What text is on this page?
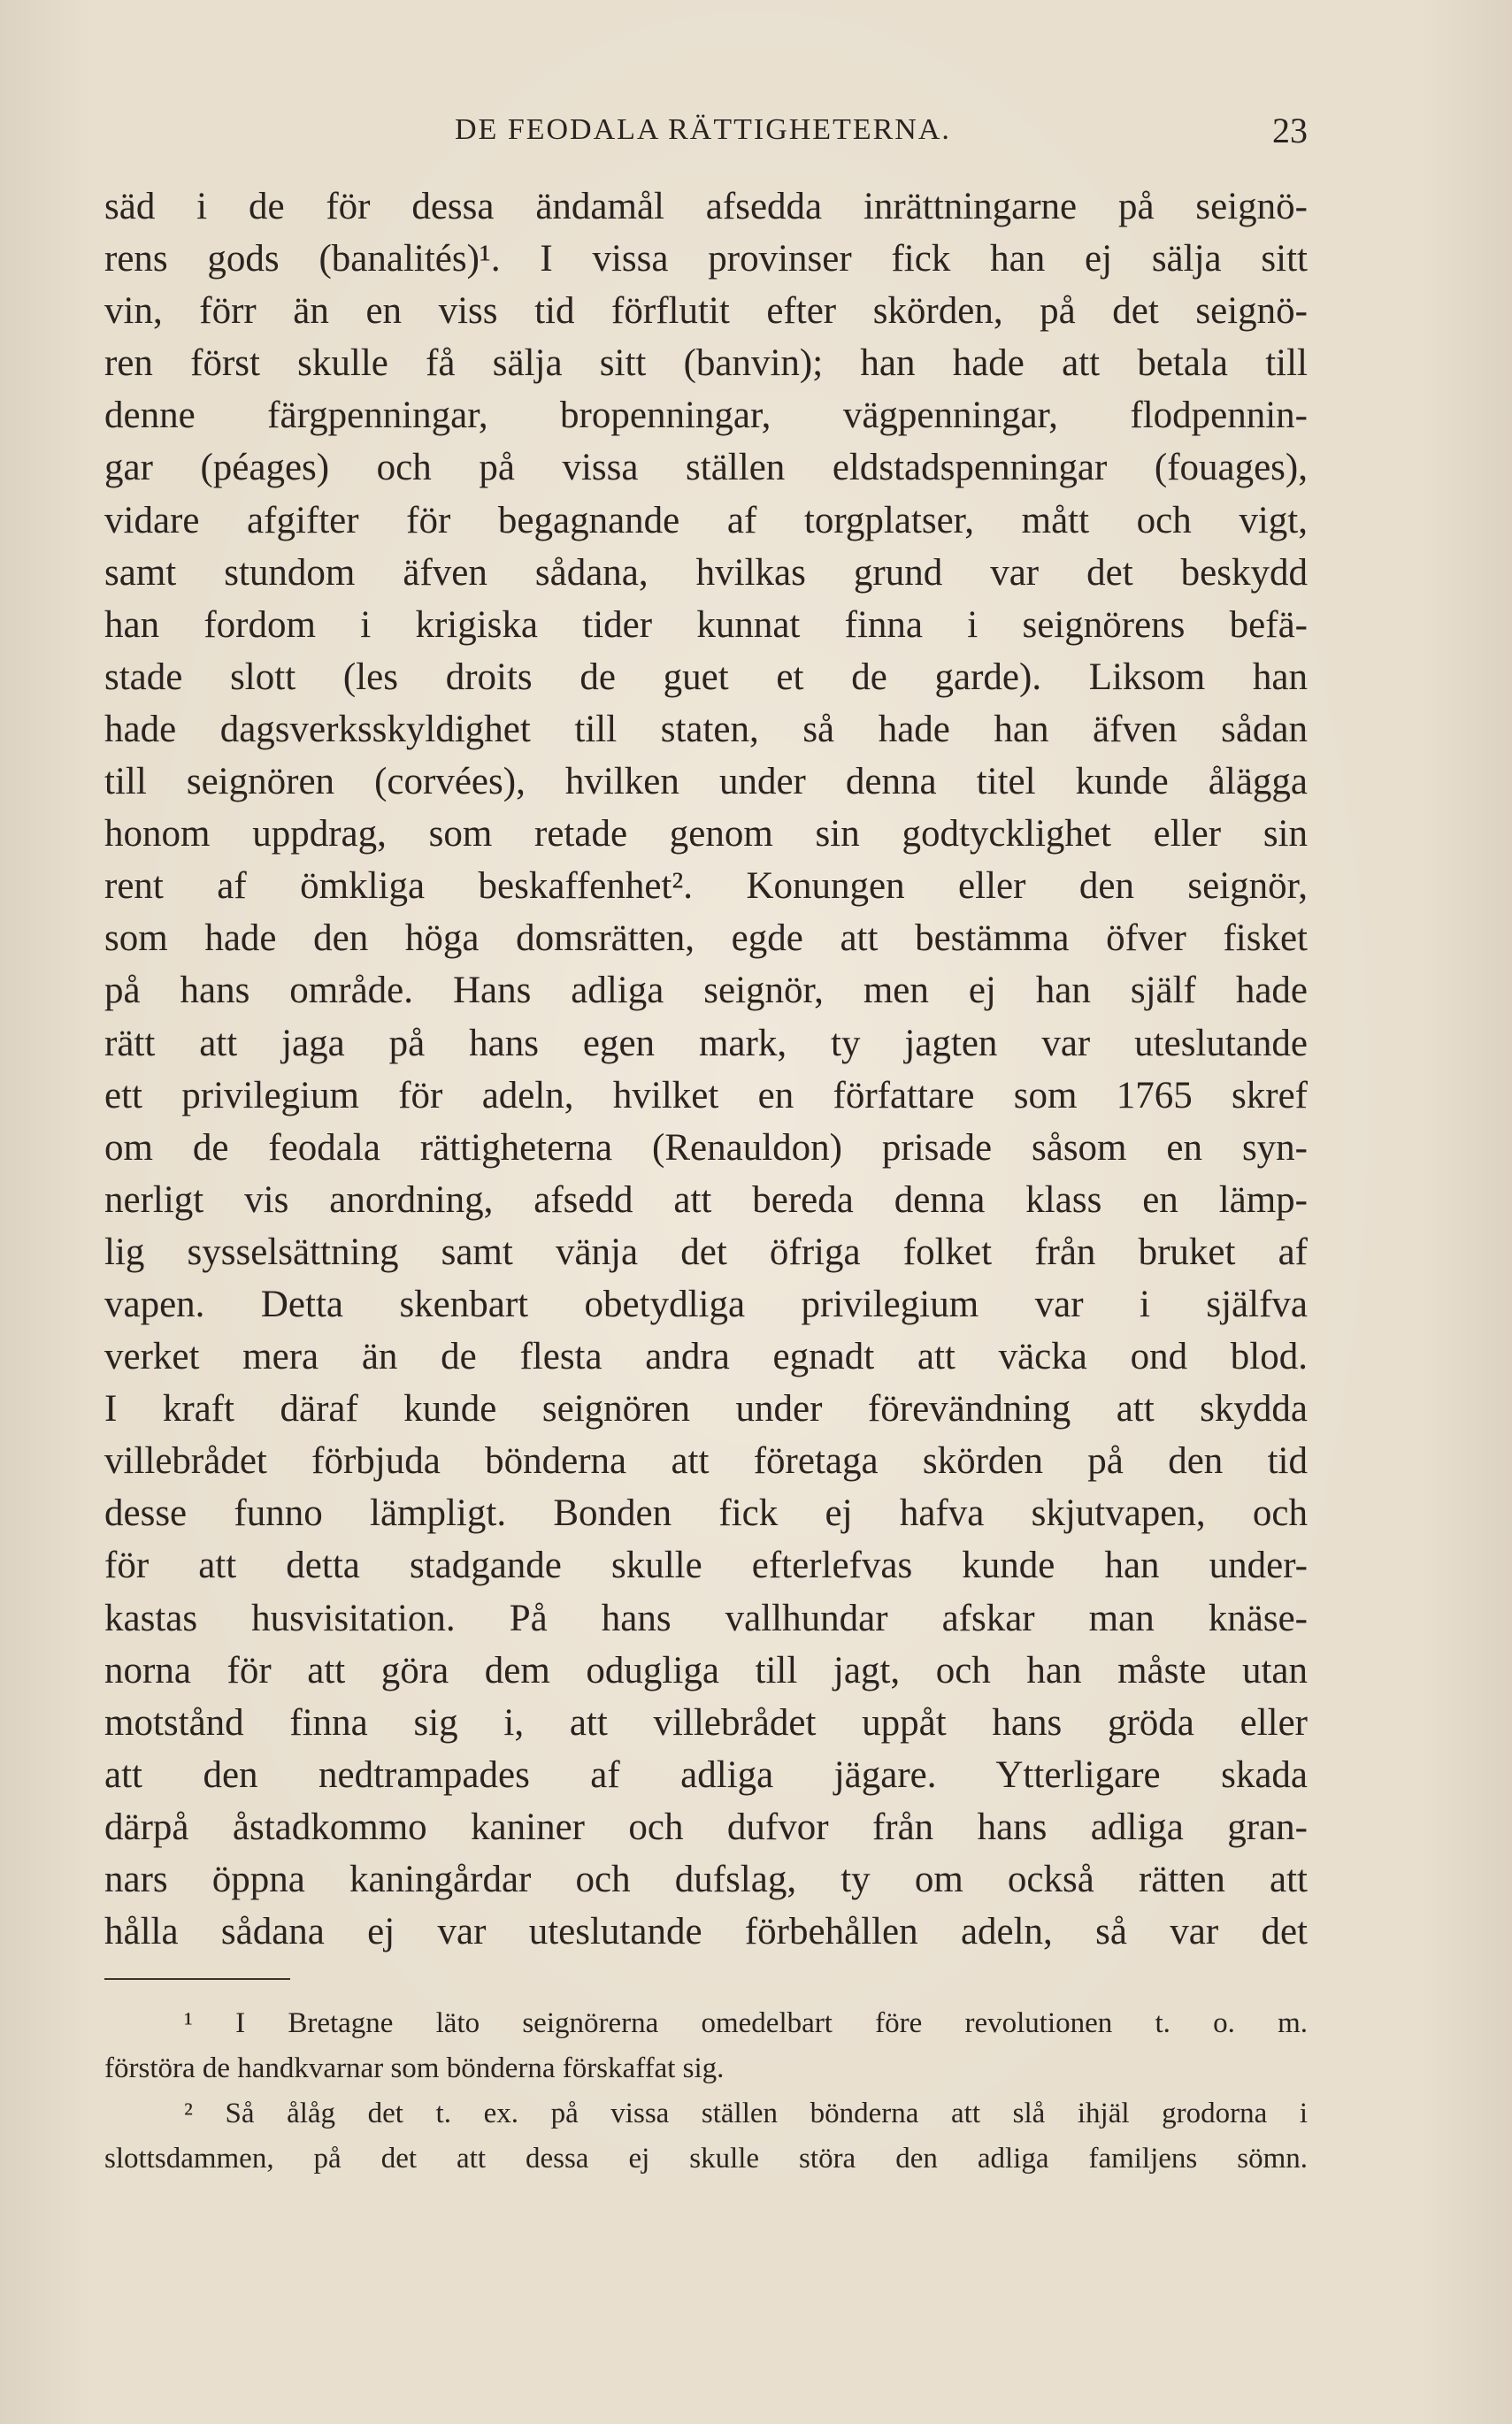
DE FEODALA RÄTTIGHETERNA.	23
säd i de för dessa ändamål afsedda inrättningarne på seignö-
rens gods (banalités)¹. I vissa provinser fick han ej sälja sitt
vin, förr än en viss tid förflutit efter skörden, på det seignö-
ren först skulle få sälja sitt (banvin); han hade att betala till
denne färgpenningar, bropenningar, vägpenningar, flodpennin-
gar (péages) och på vissa ställen eldstadspenningar (fouages),
vidare afgifter för begagnande af torgplatser, mått och vigt,
samt stundom äfven sådana, hvilkas grund var det beskydd
han fordom i krigiska tider kunnat finna i seignörens befä-
stade slott (les droits de guet et de garde). Liksom han
hade dagsverksskyldighet till staten, så hade han äfven sådan
till seignören (corvées), hvilken under denna titel kunde ålägga
honom uppdrag, som retade genom sin godtycklighet eller sin
rent af ömkliga beskaffenhet². Konungen eller den seignör,
som hade den höga domsrätten, egde att bestämma öfver fisket
på hans område. Hans adliga seignör, men ej han själf hade
rätt att jaga på hans egen mark, ty jagten var uteslutande
ett privilegium för adeln, hvilket en författare som 1765 skref
om de feodala rättigheterna (Renauldon) prisade såsom en syn-
nerligt vis anordning, afsedd att bereda denna klass en lämp-
lig sysselsättning samt vänja det öfriga folket från bruket af
vapen. Detta skenbart obetydliga privilegium var i själfva
verket mera än de flesta andra egnadt att väcka ond blod.
I kraft däraf kunde seignören under förevändning att skydda
villebrådet förbjuda bönderna att företaga skörden på den tid
desse funno lämpligt. Bonden fick ej hafva skjutvapen, och
för att detta stadgande skulle efterlefvas kunde han under-
kastas husvisitation. På hans vallhundar afskar man knäse-
norna för att göra dem odugliga till jagt, och han måste utan
motstånd finna sig i, att villebrådet uppåt hans gröda eller
att den nedtrampades af adliga jägare. Ytterligare skada
därpå åstadkommo kaniner och dufvor från hans adliga gran-
nars öppna kaningårdar och dufslag, ty om också rätten att
hålla sådana ej var uteslutande förbehållen adeln, så var det
¹ I Bretagne läto seignörerna omedelbart före revolutionen t. o. m.
förstöra de handkvarnar som bönderna förskaffat sig.
² Så ålåg det t. ex. på vissa ställen bönderna att slå ihjäl grodorna i
slottsdammen, på det att dessa ej skulle störa den adliga familjens sömn.
